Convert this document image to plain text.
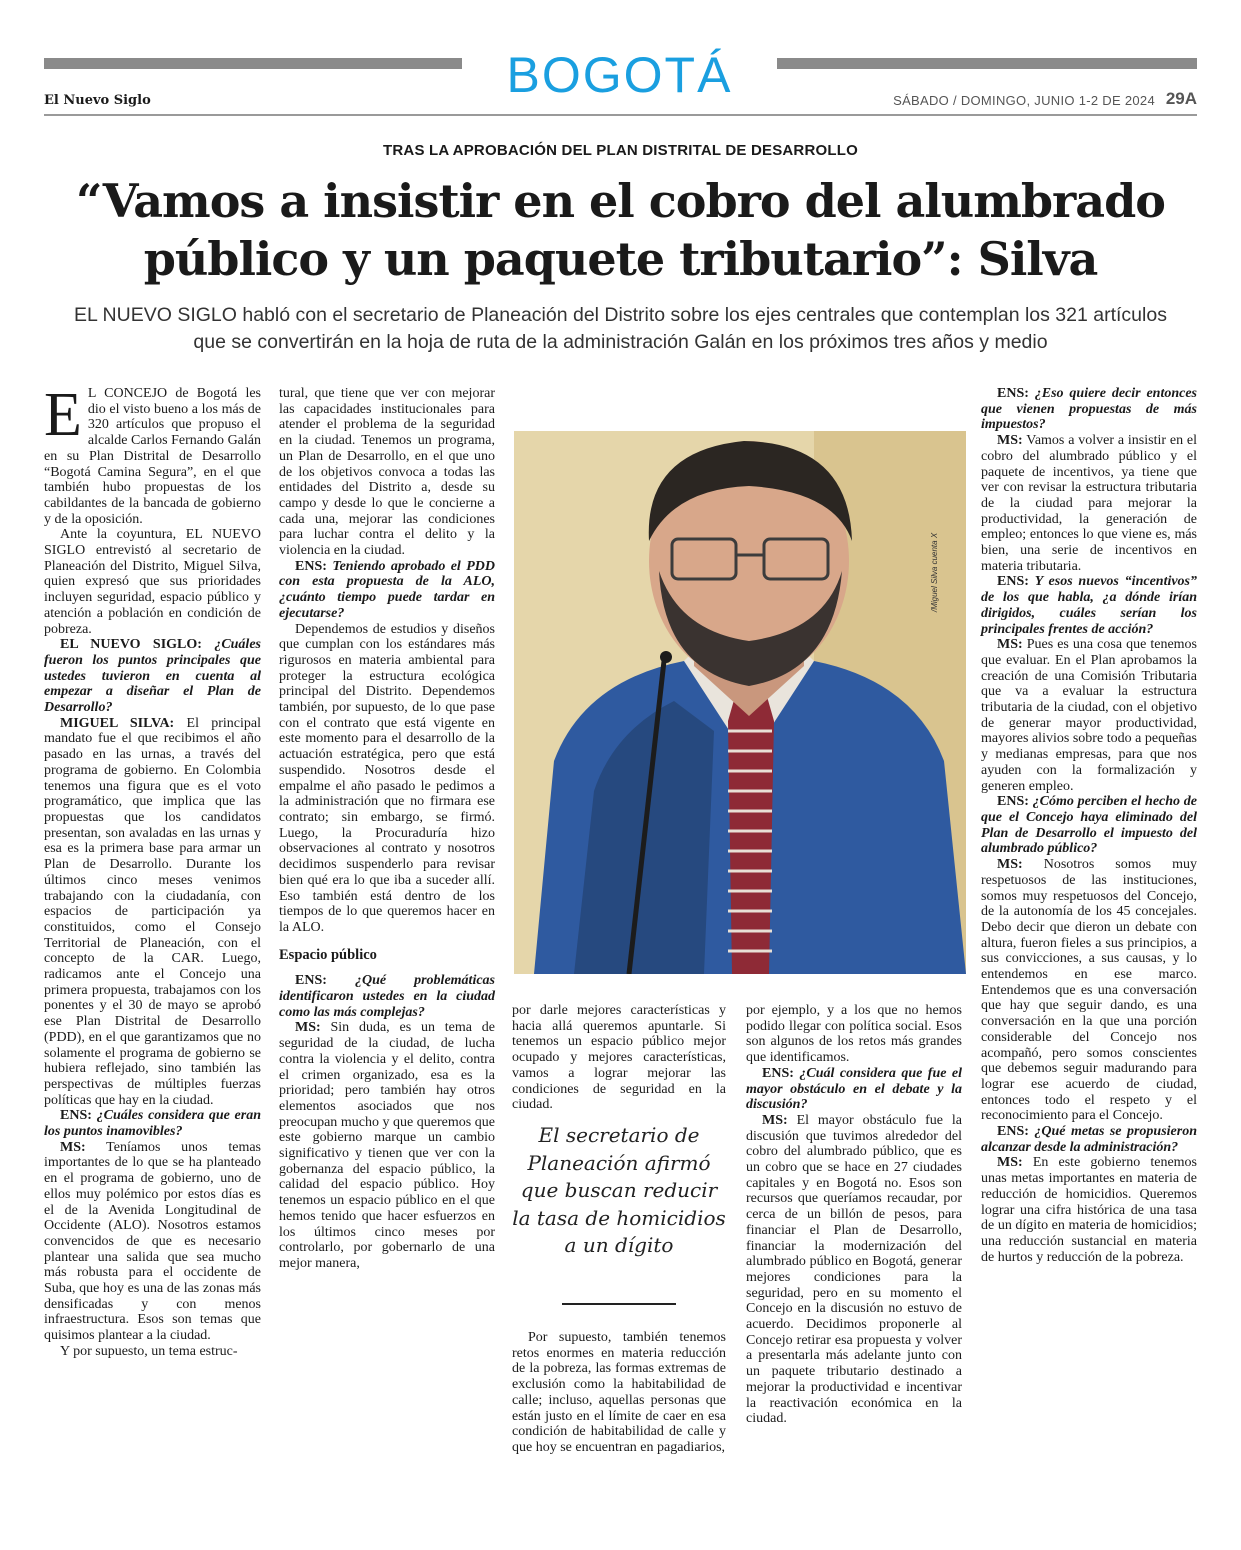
BOGOTÁ
El Nuevo Siglo	SÁBADO / DOMINGO, JUNIO 1-2 DE 2024 29A
TRAS LA APROBACIÓN DEL PLAN DISTRITAL DE DESARROLLO
“Vamos a insistir en el cobro del alumbrado público y un paquete tributario”: Silva
EL NUEVO SIGLO habló con el secretario de Planeación del Distrito sobre los ejes centrales que contemplan los 321 artículos que se convertirán en la hoja de ruta de la administración Galán en los próximos tres años y medio

E L CONCEJO de Bogotá les dio el visto bueno a los más de 320 artículos que propuso el alcalde Carlos Fernando Galán en su Plan Distrital de Desarrollo “Bogotá Camina Segura”, en el que también hubo propuestas de los cabildantes de la bancada de gobierno y de la oposición.

Ante la coyuntura, EL NUEVO SIGLO entrevistó al secretario de Planeación del Distrito, Miguel Silva, quien expresó que sus prioridades incluyen seguridad, espacio público y atención a población en condición de pobreza.

EL NUEVO SIGLO: ¿Cuáles fueron los puntos principales que ustedes tuvieron en cuenta al empezar a diseñar el Plan de Desarrollo?

MIGUEL SILVA: El principal mandato fue el que recibimos el año pasado en las urnas, a través del programa de gobierno. En Colombia tenemos una figura que es el voto programático, que implica que las propuestas que los candidatos presentan, son avaladas en las urnas y esa es la primera base para armar un Plan de Desarrollo. Durante los últimos cinco meses venimos trabajando con la ciudadanía, con espacios de participación ya constituidos, como el Consejo Territorial de Planeación, con el concepto de la CAR. Luego, radicamos ante el Concejo una primera propuesta, trabajamos con los ponentes y el 30 de mayo se aprobó ese Plan Distrital de Desarrollo (PDD), en el que garantizamos que no solamente el programa de gobierno se hubiera reflejado, sino también las perspectivas de múltiples fuerzas políticas que hay en la ciudad.

ENS: ¿Cuáles considera que eran los puntos inamovibles?

MS: Teníamos unos temas importantes de lo que se ha planteado en el programa de gobierno, uno de ellos muy polémico por estos días es el de la Avenida Longitudinal de Occidente (ALO). Nosotros estamos convencidos de que es necesario plantear una salida que sea mucho más robusta para el occidente de Suba, que hoy es una de las zonas más densificadas y con menos infraestructura. Esos son temas que quisimos plantear a la ciudad.

Y por supuesto, un tema estruc-

tural, que tiene que ver con mejorar las capacidades institucionales para atender el problema de la seguridad en la ciudad. Tenemos un programa, un Plan de Desarrollo, en el que uno de los objetivos convoca a todas las entidades del Distrito a, desde su campo y desde lo que le concierne a cada una, mejorar las condiciones para luchar contra el delito y la violencia en la ciudad.

ENS: Teniendo aprobado el PDD con esta propuesta de la ALO, ¿cuánto tiempo puede tardar en ejecutarse?

Dependemos de estudios y diseños que cumplan con los estándares más rigurosos en materia ambiental para proteger la estructura ecológica principal del Distrito. Dependemos también, por supuesto, de lo que pase con el contrato que está vigente en este momento para el desarrollo de la actuación estratégica, pero que está suspendido. Nosotros desde el empalme el año pasado le pedimos a la administración que no firmara ese contrato; sin embargo, se firmó. Luego, la Procuraduría hizo observaciones al contrato y nosotros decidimos suspenderlo para revisar bien qué era lo que iba a suceder allí. Eso también está dentro de los tiempos de lo que queremos hacer en la ALO.

Espacio público

ENS: ¿Qué problemáticas identificaron ustedes en la ciudad como las más complejas?

MS: Sin duda, es un tema de seguridad de la ciudad, de lucha contra la violencia y el delito, contra el crimen organizado, esa es la prioridad; pero también hay otros elementos asociados que nos preocupan mucho y que queremos que este gobierno marque un cambio significativo y tienen que ver con la gobernanza del espacio público, la calidad del espacio público. Hoy tenemos un espacio público en el que hemos tenido que hacer esfuerzos en los últimos cinco meses por controlarlo, por gobernarlo de una mejor manera,

/Miguel Silva cuenta X

por darle mejores características y hacia allá queremos apuntarle. Si tenemos un espacio público mejor ocupado y mejores características, vamos a lograr mejorar las condiciones de seguridad en la ciudad.

El secretario de Planeación afirmó que buscan reducir la tasa de homicidios a un dígito

Por supuesto, también tenemos retos enormes en materia reducción de la pobreza, las formas extremas de exclusión como la habitabilidad de calle; incluso, aquellas personas que están justo en el límite de caer en esa condición de habitabilidad de calle y que hoy se encuentran en pagadiarios,

por ejemplo, y a los que no hemos podido llegar con política social. Esos son algunos de los retos más grandes que identificamos.

ENS: ¿Cuál considera que fue el mayor obstáculo en el debate y la discusión?

MS: El mayor obstáculo fue la discusión que tuvimos alrededor del cobro del alumbrado público, que es un cobro que se hace en 27 ciudades capitales y en Bogotá no. Esos son recursos que queríamos recaudar, por cerca de un billón de pesos, para financiar el Plan de Desarrollo, financiar la modernización del alumbrado público en Bogotá, generar mejores condiciones para la seguridad, pero en su momento el Concejo en la discusión no estuvo de acuerdo. Decidimos proponerle al Concejo retirar esa propuesta y volver a presentarla más adelante junto con un paquete tributario destinado a mejorar la productividad e incentivar la reactivación económica en la ciudad.

ENS: ¿Eso quiere decir entonces que vienen propuestas de más impuestos?

MS: Vamos a volver a insistir en el cobro del alumbrado público y el paquete de incentivos, ya tiene que ver con revisar la estructura tributaria de la ciudad para mejorar la productividad, la generación de empleo; entonces lo que viene es, más bien, una serie de incentivos en materia tributaria.

ENS: Y esos nuevos “incentivos” de los que habla, ¿a dónde irían dirigidos, cuáles serían los principales frentes de acción?

MS: Pues es una cosa que tenemos que evaluar. En el Plan aprobamos la creación de una Comisión Tributaria que va a evaluar la estructura tributaria de la ciudad, con el objetivo de generar mayor productividad, mayores alivios sobre todo a pequeñas y medianas empresas, para que nos ayuden con la formalización y generen empleo.

ENS: ¿Cómo perciben el hecho de que el Concejo haya eliminado del Plan de Desarrollo el impuesto del alumbrado público?

MS: Nosotros somos muy respetuosos de las instituciones, somos muy respetuosos del Concejo, de la autonomía de los 45 concejales. Debo decir que dieron un debate con altura, fueron fieles a sus principios, a sus convicciones, a sus causas, y lo entendemos en ese marco. Entendemos que es una conversación que hay que seguir dando, es una conversación en la que una porción considerable del Concejo nos acompañó, pero somos conscientes que debemos seguir madurando para lograr ese acuerdo de ciudad, entonces todo el respeto y el reconocimiento para el Concejo.

ENS: ¿Qué metas se propusieron alcanzar desde la administración?

MS: En este gobierno tenemos unas metas importantes en materia de reducción de homicidios. Queremos lograr una cifra histórica de una tasa de un dígito en materia de homicidios; una reducción sustancial en materia de hurtos y reducción de la pobreza.
